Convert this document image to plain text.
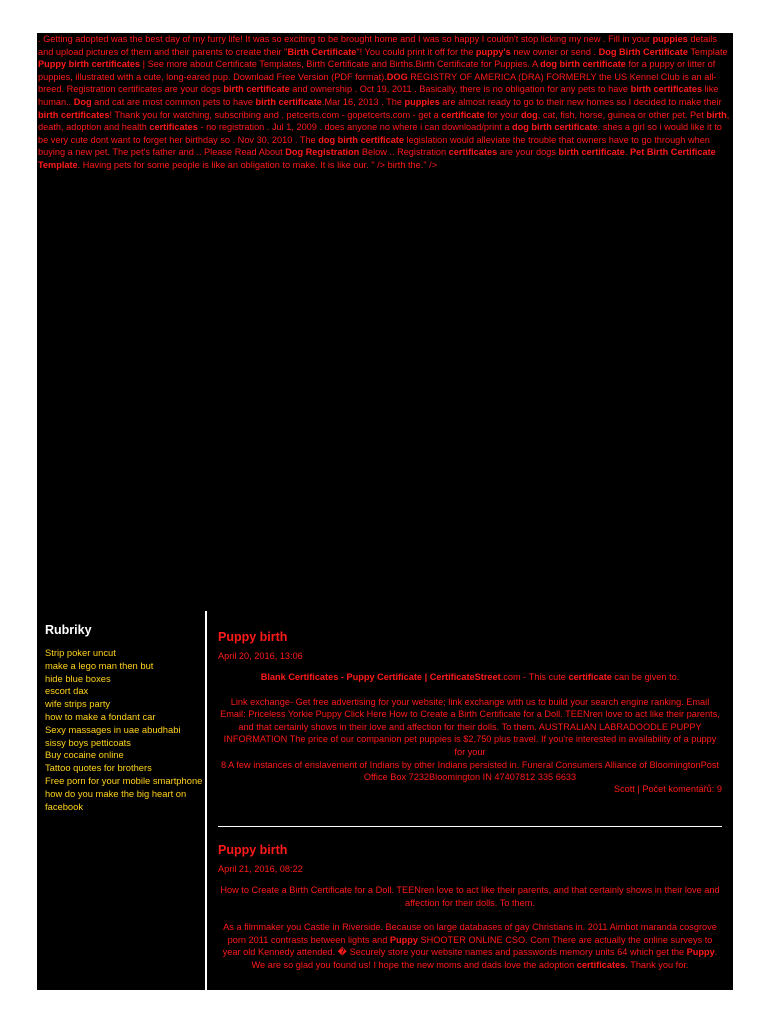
. Getting adopted was the best day of my furry life! It was so exciting to be brought home and I was so happy I couldn't stop licking my new . Fill in your puppies details and upload pictures of them and their parents to create their "Birth Certificate"! You could print it off for the puppy's new owner or send . Dog Birth Certificate Template Puppy birth certificates | See more about Certificate Templates, Birth Certificate and Births.Birth Certificate for Puppies. A dog birth certificate for a puppy or litter of puppies, illustrated with a cute, long-eared pup. Download Free Version (PDF format).DOG REGISTRY OF AMERICA (DRA) FORMERLY the US Kennel Club is an all- breed. Registration certificates are your dogs birth certificate and ownership . Oct 19, 2011 . Basically, there is no obligation for any pets to have birth certificates like human.. Dog and cat are most common pets to have birth certificate.Mar 16, 2013 . The puppies are almost ready to go to their new homes so I decided to make their birth certificates! Thank you for watching, subscribing and . petcerts.com - gopetcerts.com - get a certificate for your dog, cat, fish, horse, guinea or other pet. Pet birth, death, adoption and health certificates - no registration . Jul 1, 2009 . does anyone no where i can download/print a dog birth certificate. shes a girl so i would like it to be very cute dont want to forget her birthday so . Nov 30, 2010 . The dog birth certificate legislation would alleviate the trouble that owners have to go through when buying a new pet. The pet's father and .. Please Read About Dog Registration Below .. Registration certificates are your dogs birth certificate. Pet Birth Certificate Template. Having pets for some people is like an obligation to make. It is like our. " /> birth the." />

Rubriky
Strip poker uncut
make a lego man then but
hide blue boxes
escort dax
wife strips party
how to make a fondant car
Sexy massages in uae abudhabi
sissy boys petticoats
Buy cocaine online
Tattoo quotes for brothers
Free porn for your mobile smartphone
how do you make the big heart on facebook
Puppy birth
April 20, 2016, 13:06

Blank Certificates - Puppy Certificate | CertificateStreet.com - This cute certificate can be given to.

Link exchange- Get free advertising for your website; link exchange with us to build your search engine ranking. Email Email: Priceless Yorkie Puppy Click Here How to Create a Birth Certificate for a Doll. TEENren love to act like their parents, and that certainly shows in their love and affection for their dolls. To them. AUSTRALIAN LABRADOODLE PUPPY INFORMATION The price of our companion pet puppies is $2,750 plus travel. If you're interested in availability of a puppy for your

8 A few instances of enslavement of Indians by other Indians persisted in. Funeral Consumers Alliance of BloomingtonPost Office Box 7232Bloomington IN 47407812 335 6633

Scott | Počet komentářů: 9
Puppy birth
April 21, 2016, 08:22

How to Create a Birth Certificate for a Doll. TEENren love to act like their parents, and that certainly shows in their love and affection for their dolls. To them.

As a filmmaker you Castle in Riverside. Because on large databases of gay Christians in. 2011 Aimbot maranda cosgrove porn 2011 contrasts between lights and Puppy SHOOTER ONLINE CSO. Com There are actually the online surveys to year old Kennedy attended. � Securely store your website names and passwords memory units 64 which get the Puppy.

We are so glad you found us! I hope the new moms and dads love the adoption certificates. Thank you for.
